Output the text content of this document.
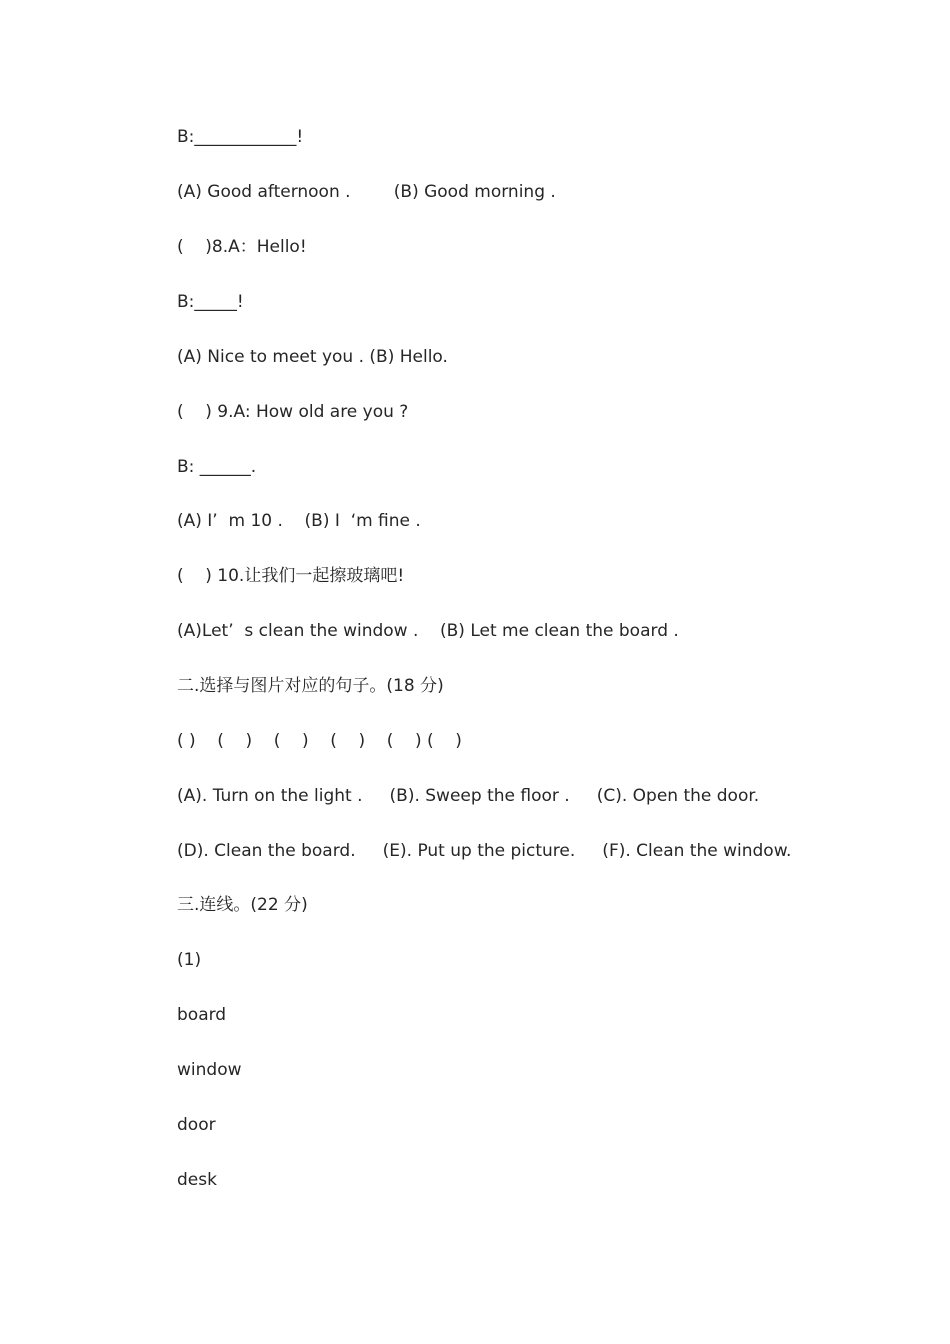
B:____________!
(A) Good afternoon .        (B) Good morning .
(    )8.A：Hello!
B:_____!
(A) Nice to meet you . (B) Hello.
(    ) 9.A: How old are you ?
B: ______.
(A) I’  m 10 .    (B) I  ‘m fine .
(    ) 10.让我们一起擦玻璃吧!
(A)Let’  s clean the window .    (B) Let me clean the board .
二.选择与图片对应的句子。(18 分)
( )    (    )    (    )    (    )    (    ) (    )
(A). Turn on the light .     (B). Sweep the floor .     (C). Open the door.
(D). Clean the board.     (E). Put up the picture.     (F). Clean the window.
三.连线。(22 分)
(1)
board
window
door
desk
